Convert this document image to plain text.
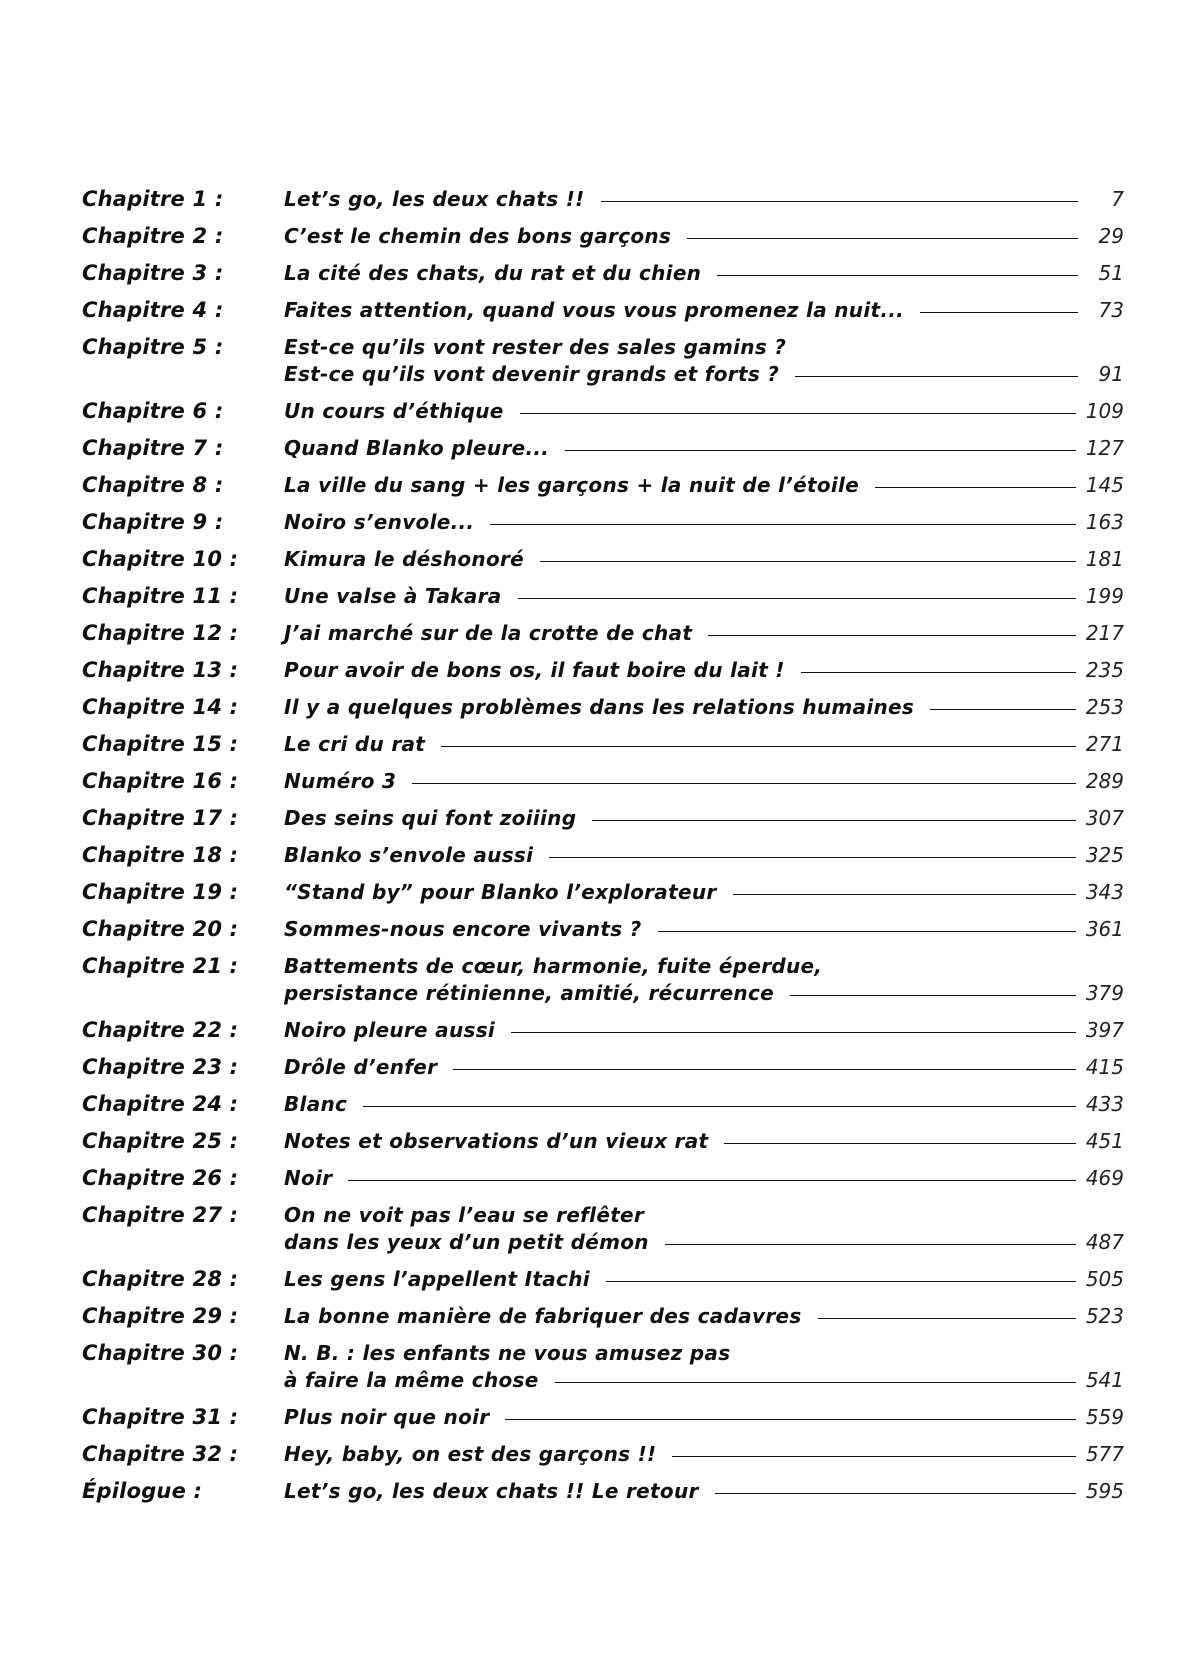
Chapitre 1 :	Let’s go, les deux chats !!	7
Chapitre 2 :	C’est le chemin des bons garçons	29
Chapitre 3 :	La cité des chats, du rat et du chien	51
Chapitre 4 :	Faites attention, quand vous vous promenez la nuit...	73
Chapitre 5 :	Est-ce qu’ils vont rester des sales gamins ?
Est-ce qu’ils vont devenir grands et forts ?	91
Chapitre 6 :	Un cours d’éthique	109
Chapitre 7 :	Quand Blanko pleure...	127
Chapitre 8 :	La ville du sang + les garçons + la nuit de l’étoile	145
Chapitre 9 :	Noiro s’envole...	163
Chapitre 10 :	Kimura le déshonoré	181
Chapitre 11 :	Une valse à Takara	199
Chapitre 12 :	J’ai marché sur de la crotte de chat	217
Chapitre 13 :	Pour avoir de bons os, il faut boire du lait !	235
Chapitre 14 :	Il y a quelques problèmes dans les relations humaines	253
Chapitre 15 :	Le cri du rat	271
Chapitre 16 :	Numéro 3	289
Chapitre 17 :	Des seins qui font zoiiing	307
Chapitre 18 :	Blanko s’envole aussi	325
Chapitre 19 :	“Stand by” pour Blanko l’explorateur	343
Chapitre 20 :	Sommes-nous encore vivants ?	361
Chapitre 21 :	Battements de cœur, harmonie, fuite éperdue,
persistance rétinienne, amitié, récurrence	379
Chapitre 22 :	Noiro pleure aussi	397
Chapitre 23 :	Drôle d’enfer	415
Chapitre 24 :	Blanc	433
Chapitre 25 :	Notes et observations d’un vieux rat	451
Chapitre 26 :	Noir	469
Chapitre 27 :	On ne voit pas l’eau se reflêter
dans les yeux d’un petit démon	487
Chapitre 28 :	Les gens l’appellent Itachi	505
Chapitre 29 :	La bonne manière de fabriquer des cadavres	523
Chapitre 30 :	N. B. : les enfants ne vous amusez pas
à faire la même chose	541
Chapitre 31 :	Plus noir que noir	559
Chapitre 32 :	Hey, baby, on est des garçons !!	577
Épilogue :	Let’s go, les deux chats !! Le retour	595
